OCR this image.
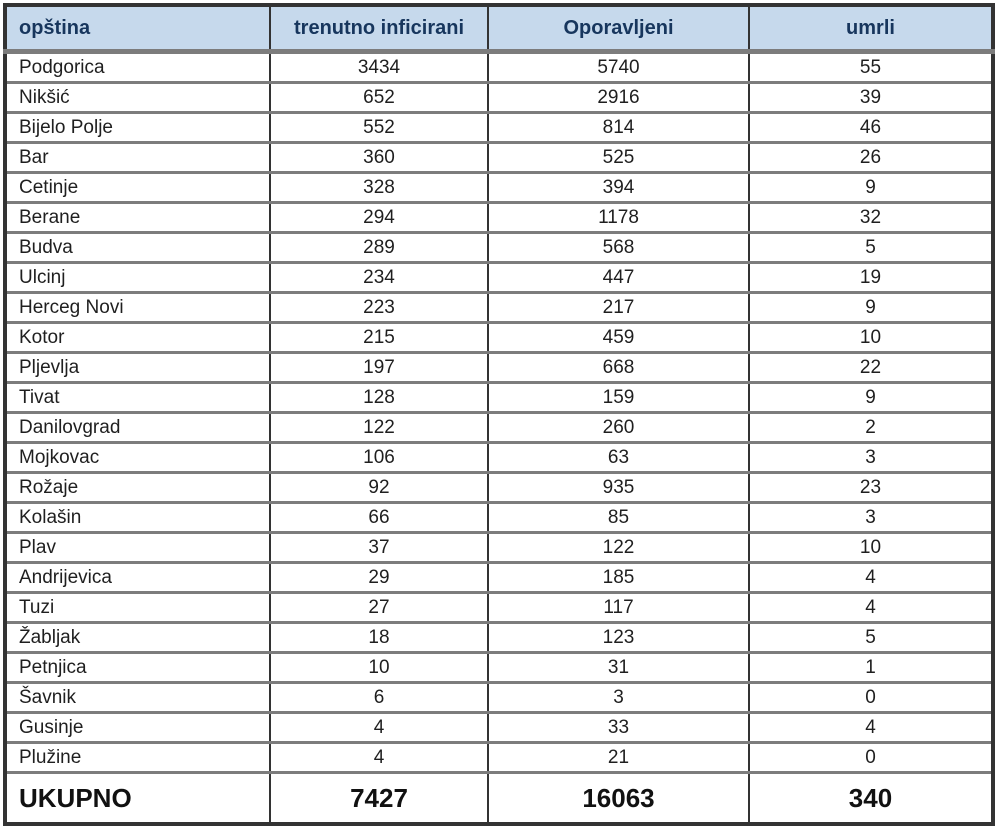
opština	trenutno inficirani	Oporavljeni	umrli
Podgorica	3434	5740	55
Nikšić	652	2916	39
Bijelo Polje	552	814	46
Bar	360	525	26
Cetinje	328	394	9
Berane	294	1178	32
Budva	289	568	5
Ulcinj	234	447	19
Herceg Novi	223	217	9
Kotor	215	459	10
Pljevlja	197	668	22
Tivat	128	159	9
Danilovgrad	122	260	2
Mojkovac	106	63	3
Rožaje	92	935	23
Kolašin	66	85	3
Plav	37	122	10
Andrijevica	29	185	4
Tuzi	27	117	4
Žabljak	18	123	5
Petnjica	10	31	1
Šavnik	6	3	0
Gusinje	4	33	4
Plužine	4	21	0
UKUPNO	7427	16063	340
